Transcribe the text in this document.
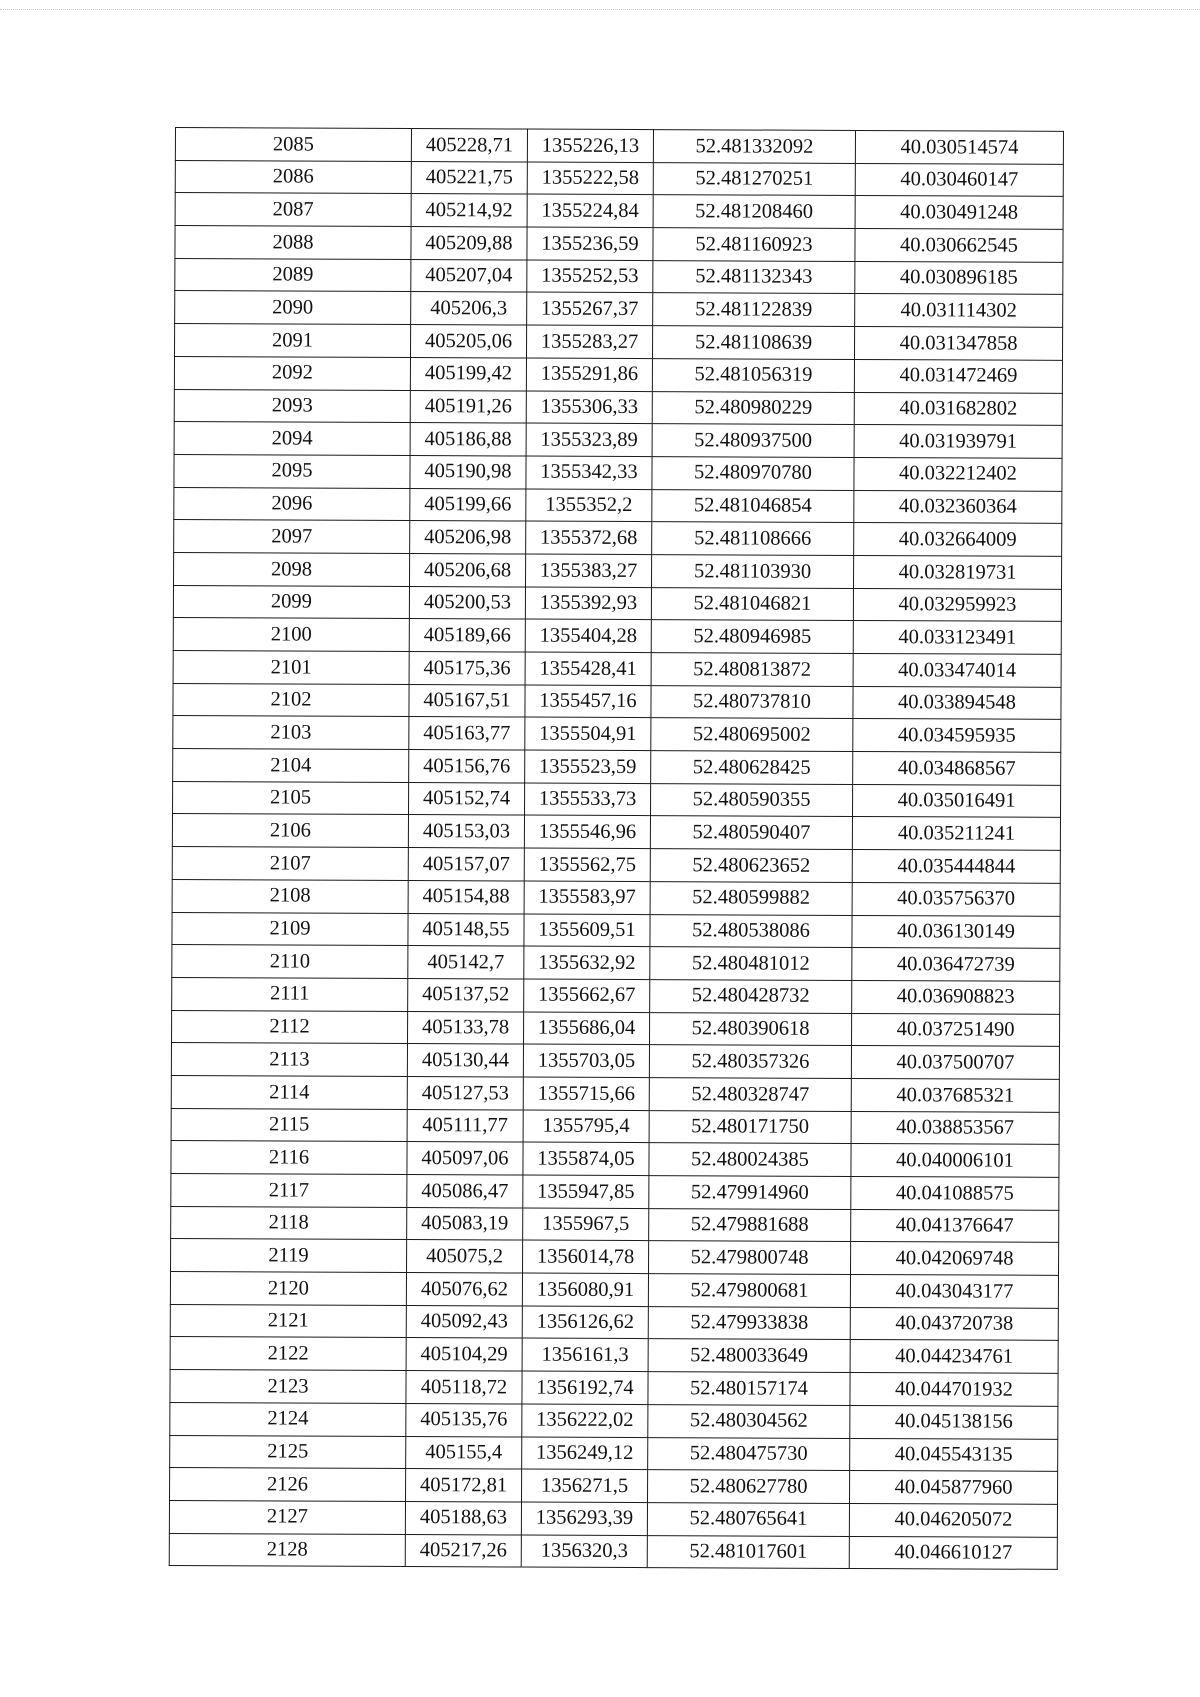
2085	405228,71	1355226,13	52.481332092	40.030514574
2086	405221,75	1355222,58	52.481270251	40.030460147
2087	405214,92	1355224,84	52.481208460	40.030491248
2088	405209,88	1355236,59	52.481160923	40.030662545
2089	405207,04	1355252,53	52.481132343	40.030896185
2090	405206,3	1355267,37	52.481122839	40.031114302
2091	405205,06	1355283,27	52.481108639	40.031347858
2092	405199,42	1355291,86	52.481056319	40.031472469
2093	405191,26	1355306,33	52.480980229	40.031682802
2094	405186,88	1355323,89	52.480937500	40.031939791
2095	405190,98	1355342,33	52.480970780	40.032212402
2096	405199,66	1355352,2	52.481046854	40.032360364
2097	405206,98	1355372,68	52.481108666	40.032664009
2098	405206,68	1355383,27	52.481103930	40.032819731
2099	405200,53	1355392,93	52.481046821	40.032959923
2100	405189,66	1355404,28	52.480946985	40.033123491
2101	405175,36	1355428,41	52.480813872	40.033474014
2102	405167,51	1355457,16	52.480737810	40.033894548
2103	405163,77	1355504,91	52.480695002	40.034595935
2104	405156,76	1355523,59	52.480628425	40.034868567
2105	405152,74	1355533,73	52.480590355	40.035016491
2106	405153,03	1355546,96	52.480590407	40.035211241
2107	405157,07	1355562,75	52.480623652	40.035444844
2108	405154,88	1355583,97	52.480599882	40.035756370
2109	405148,55	1355609,51	52.480538086	40.036130149
2110	405142,7	1355632,92	52.480481012	40.036472739
2111	405137,52	1355662,67	52.480428732	40.036908823
2112	405133,78	1355686,04	52.480390618	40.037251490
2113	405130,44	1355703,05	52.480357326	40.037500707
2114	405127,53	1355715,66	52.480328747	40.037685321
2115	405111,77	1355795,4	52.480171750	40.038853567
2116	405097,06	1355874,05	52.480024385	40.040006101
2117	405086,47	1355947,85	52.479914960	40.041088575
2118	405083,19	1355967,5	52.479881688	40.041376647
2119	405075,2	1356014,78	52.479800748	40.042069748
2120	405076,62	1356080,91	52.479800681	40.043043177
2121	405092,43	1356126,62	52.479933838	40.043720738
2122	405104,29	1356161,3	52.480033649	40.044234761
2123	405118,72	1356192,74	52.480157174	40.044701932
2124	405135,76	1356222,02	52.480304562	40.045138156
2125	405155,4	1356249,12	52.480475730	40.045543135
2126	405172,81	1356271,5	52.480627780	40.045877960
2127	405188,63	1356293,39	52.480765641	40.046205072
2128	405217,26	1356320,3	52.481017601	40.046610127
